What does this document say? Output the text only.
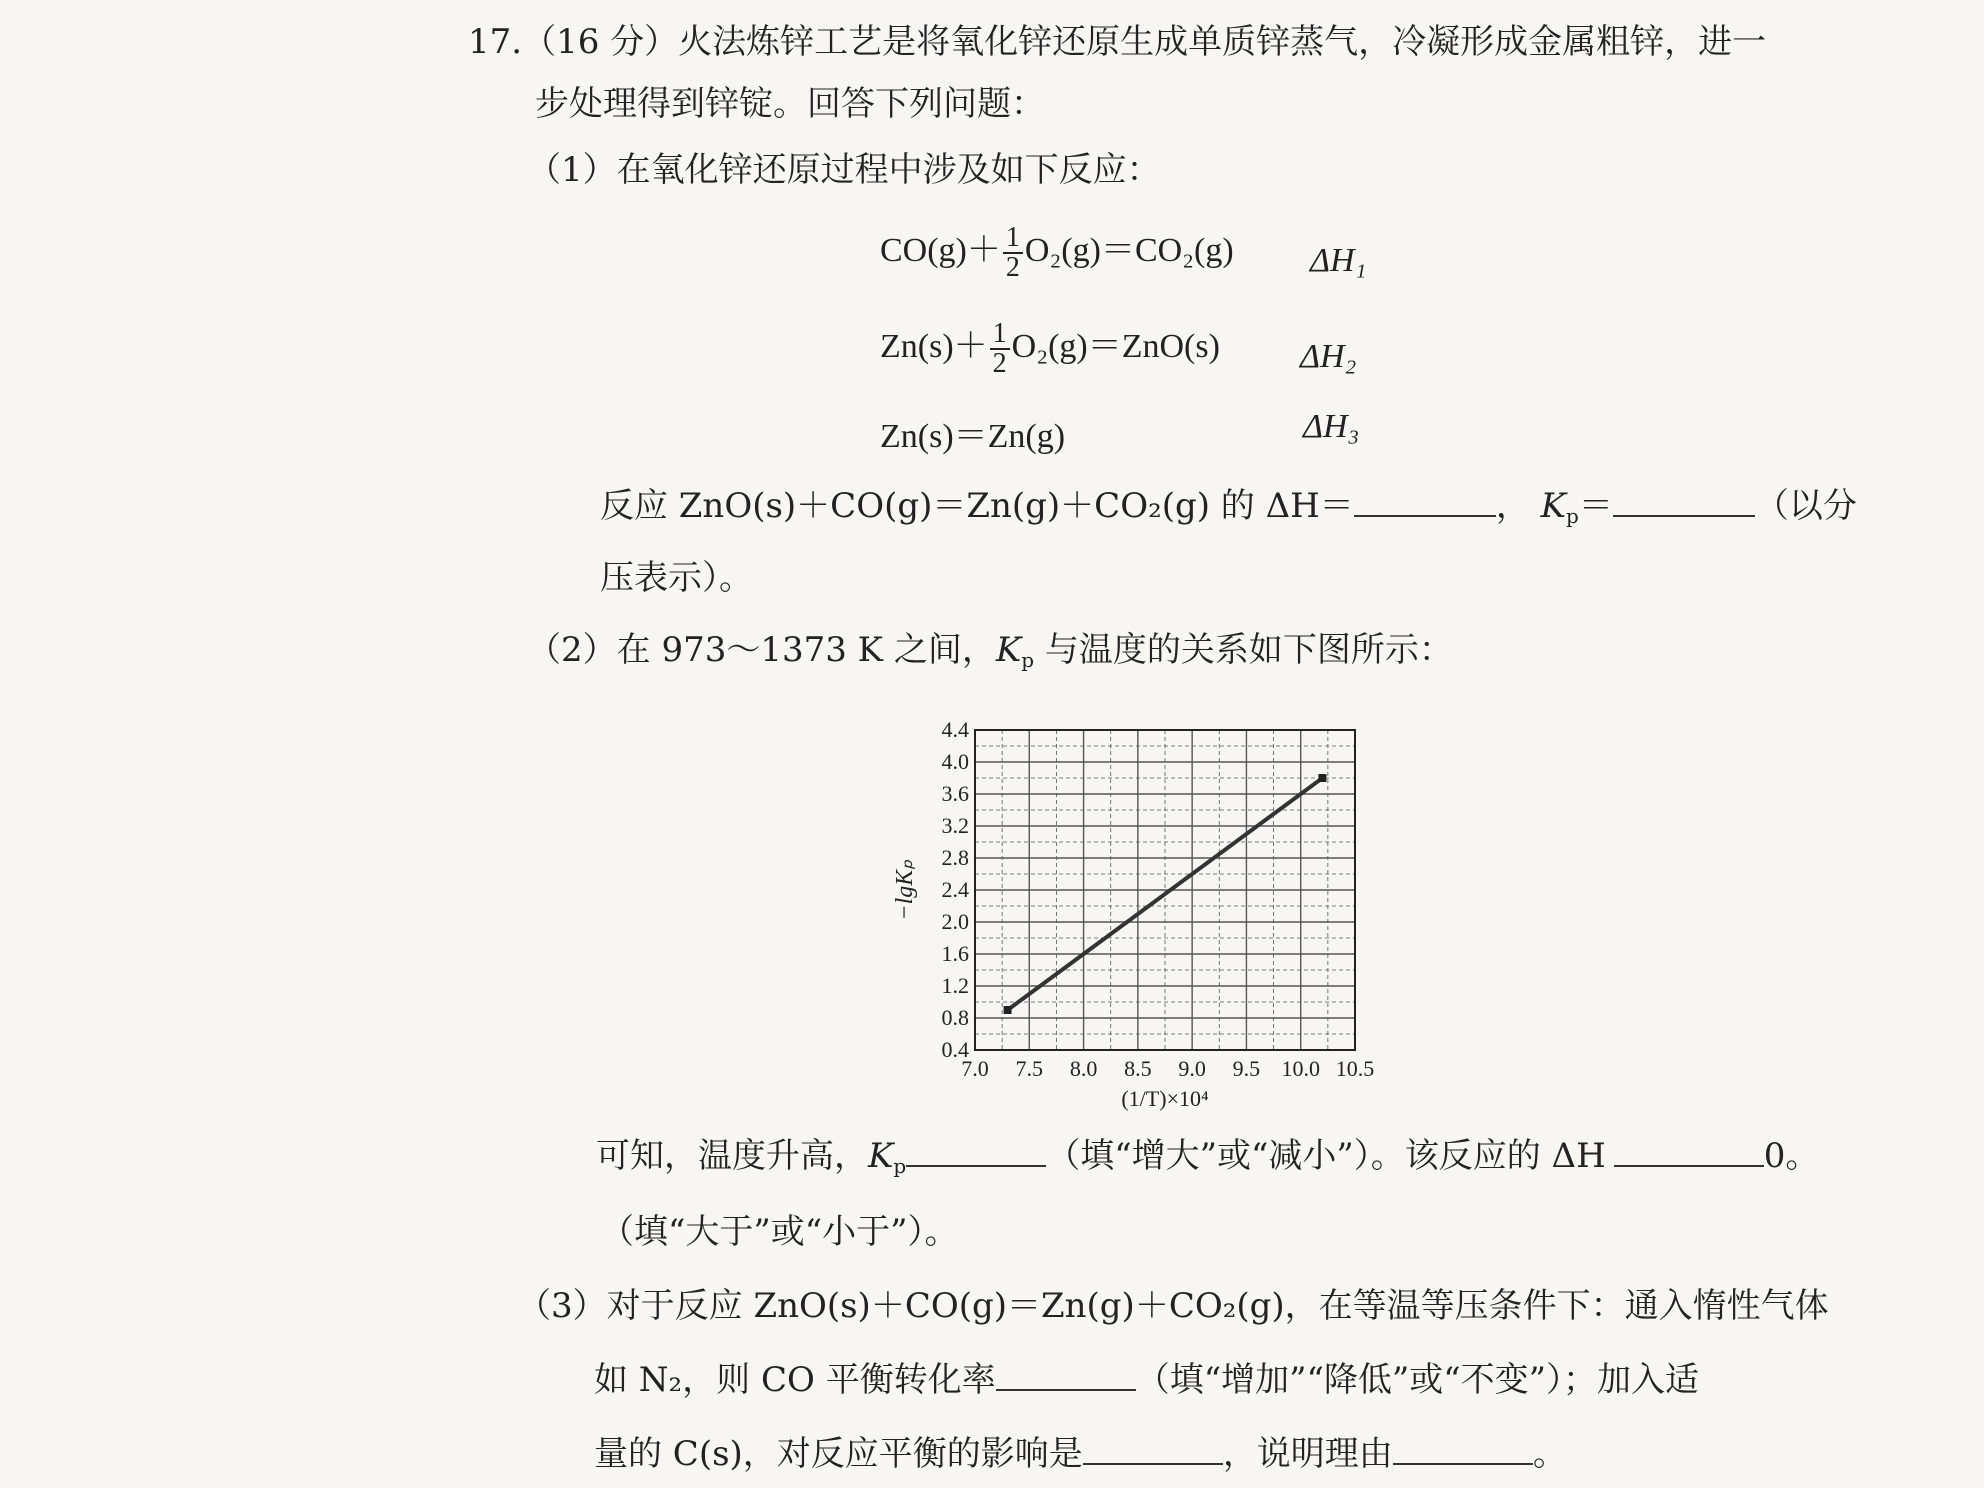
17.（16 分）火法炼锌工艺是将氧化锌还原生成单质锌蒸气，冷凝形成金属粗锌，进一
步处理得到锌锭。回答下列问题：
（1）在氧化锌还原过程中涉及如下反应：
$CO(g)+ \frac{1}{2} O_2(g)=CO_2(g)$ ΔH₁
$Zn(s)+ \frac{1}{2} O_2(g)=ZnO(s)$ ΔH₂
Zn(s)＝Zn(g)	ΔH₃
反应 ZnO(s)＋CO(g)＝Zn(g)＋CO₂(g) 的 ΔH＝	， $K_p=$	（以分
压表示）。
（2）在 973～1373 K 之间，$K_p$ 与温度的关系如下图所示：
7.0 7.5 8.0 8.5 9.0 9.5 10.0 10.5
4.4
4.0
3.6
3.2
2.8
2.4
2.0
1.6
1.2
0.8
0.4
(1/T)×10⁴
−lgKₚ
可知，温度升高，$K_p$	（填“增大”或“减小”）。该反应的 ΔH	0。
（填“大于”或“小于”）。
（3）对于反应 ZnO(s)＋CO(g)＝Zn(g)＋CO₂(g)，在等温等压条件下：通入惰性气体
如 N₂，则 CO 平衡转化率	（填“增加”“降低”或“不变”）；加入适
量的 C(s)，对反应平衡的影响是	，说明理由	。
